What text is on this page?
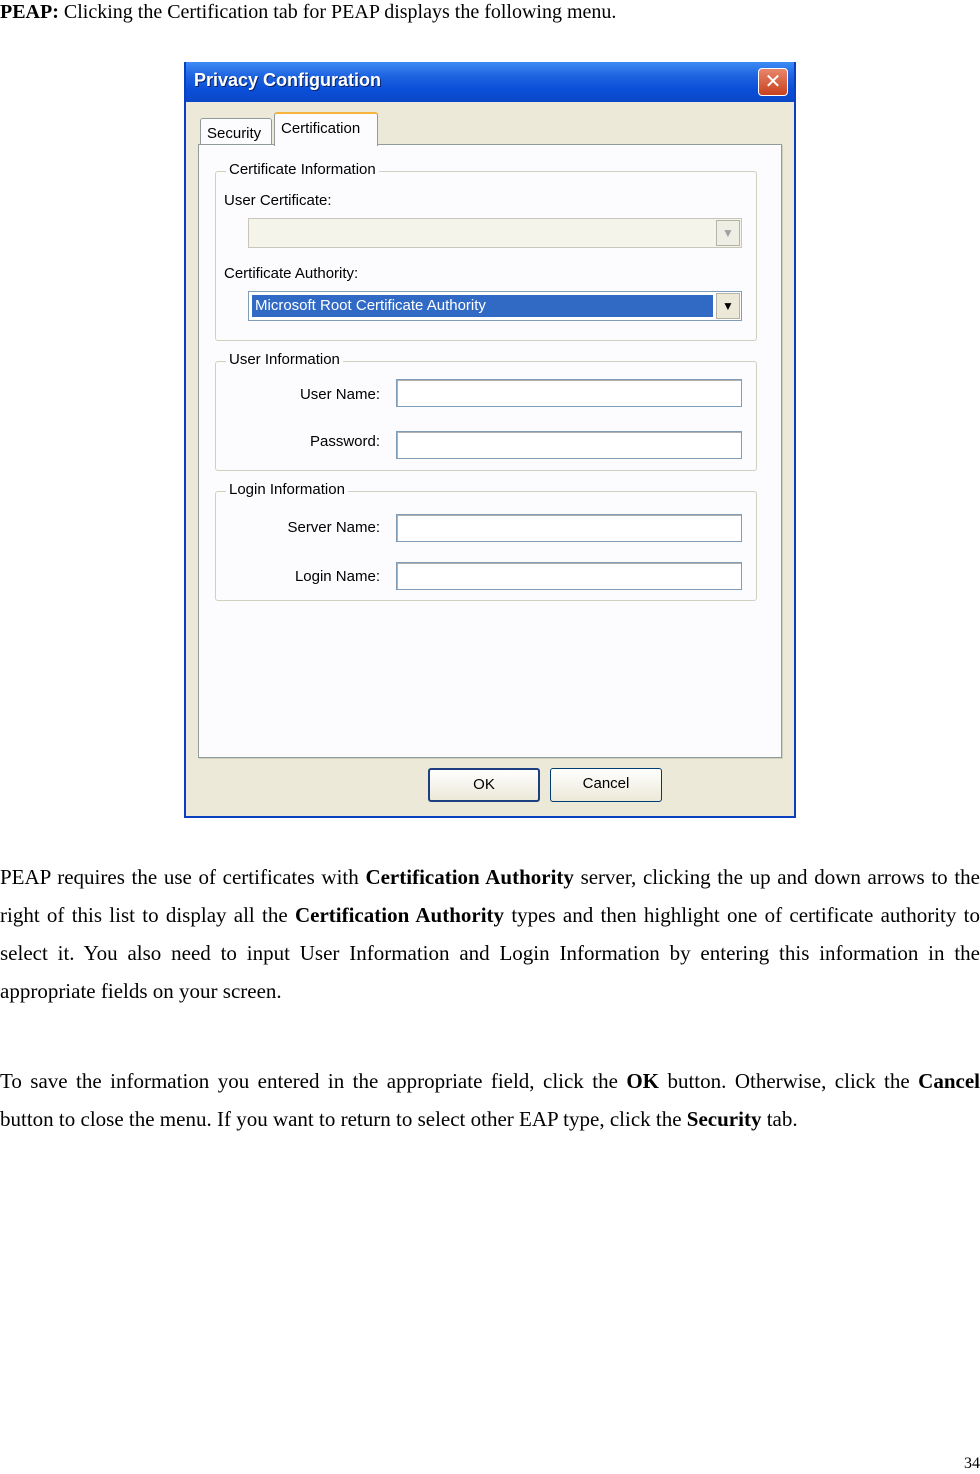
PEAP: Clicking the Certification tab for PEAP displays the following menu.
Privacy Configuration	✕
Security	Certification
Certificate Information
User Certificate:
▼
Certificate Authority:
Microsoft Root Certificate Authority	▼
User Information
User Name:
Password:
Login Information
Server Name:
Login Name:
OK	Cancel

PEAP requires the use of certificates with Certification Authority server, clicking the up and down arrows to the right of this list to display all the Certification Authority types and then highlight one of certificate authority to select it. You also need to input User Information and Login Information by entering this information in the appropriate fields on your screen.

To save the information you entered in the appropriate field, click the OK button. Otherwise, click the Cancel button to close the menu. If you want to return to select other EAP type, click the Security tab.

34
